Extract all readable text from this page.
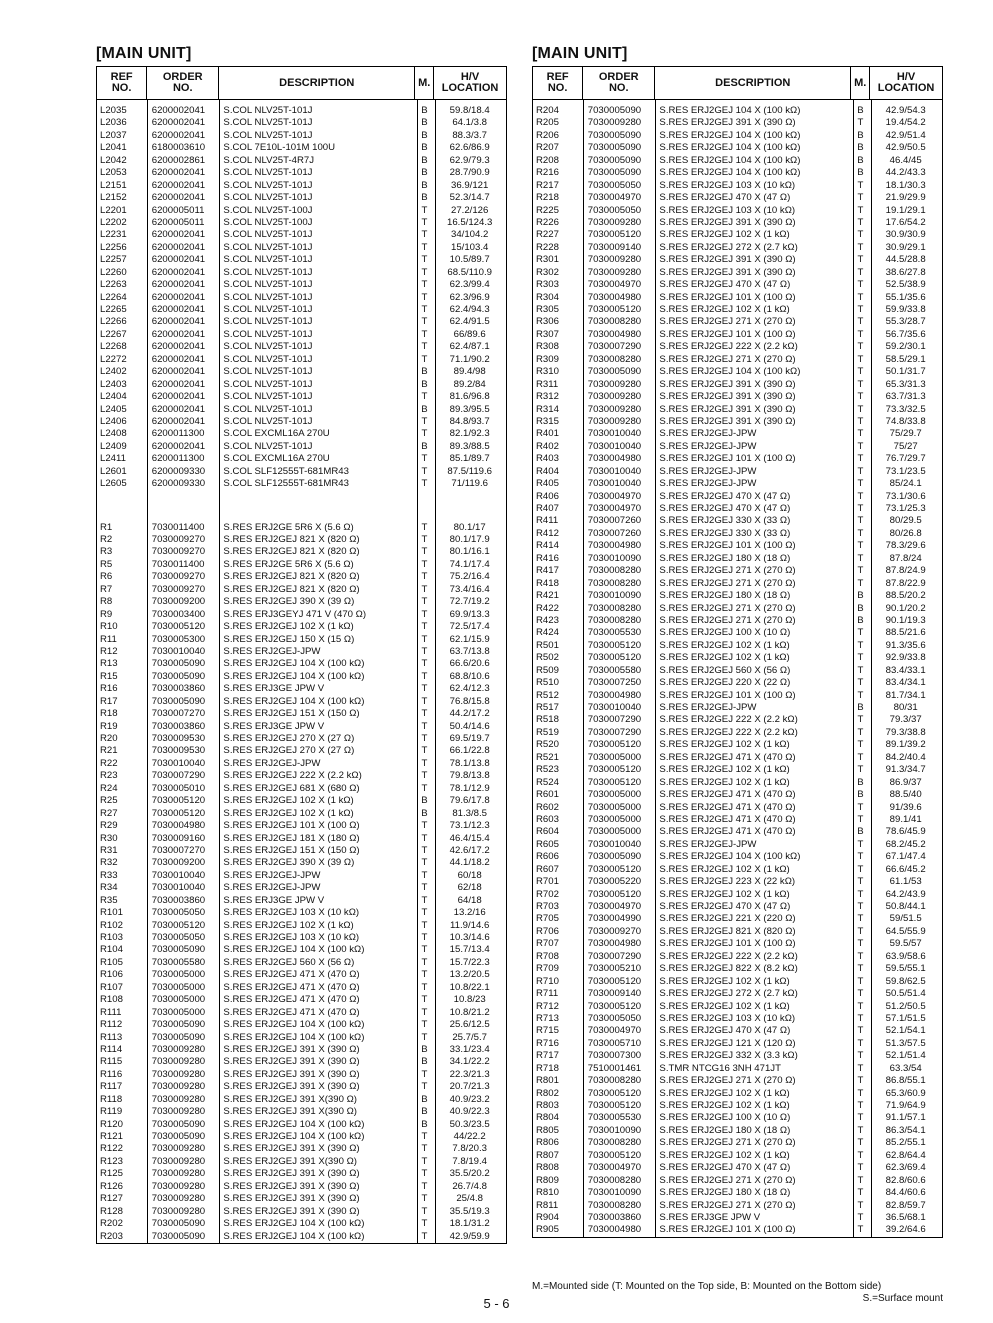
[MAIN UNIT]
REF
NO.
ORDER
NO.	DESCRIPTION	M.	H/V
LOCATION
L2035	6200002041	S.COL NLV25T-101J	B	59.8/18.4
L2036	6200002041	S.COL NLV25T-101J	B	64.1/3.8
L2037	6200002041	S.COL NLV25T-101J	B	88.3/3.7
L2041	6180003610	S.COL 7E10L-101M 100U	B	62.6/86.9
L2042	6200002861	S.COL NLV25T-4R7J	B	62.9/79.3
L2053	6200002041	S.COL NLV25T-101J	B	28.7/90.9
L2151	6200002041	S.COL NLV25T-101J	B	36.9/121
L2152	6200002041	S.COL NLV25T-101J	B	52.3/14.7
L2201	6200005011	S.COL NLV25T-100J	T	27.2/126
L2202	6200005011	S.COL NLV25T-100J	T	16.5/124.3
L2231	6200002041	S.COL NLV25T-101J	T	34/104.2
L2256	6200002041	S.COL NLV25T-101J	T	15/103.4
L2257	6200002041	S.COL NLV25T-101J	T	10.5/89.7
L2260	6200002041	S.COL NLV25T-101J	T	68.5/110.9
L2263	6200002041	S.COL NLV25T-101J	T	62.3/99.4
L2264	6200002041	S.COL NLV25T-101J	T	62.3/96.9
L2265	6200002041	S.COL NLV25T-101J	T	62.4/94.3
L2266	6200002041	S.COL NLV25T-101J	T	62.4/91.5
L2267	6200002041	S.COL NLV25T-101J	T	66/89.6
L2268	6200002041	S.COL NLV25T-101J	T	62.4/87.1
L2272	6200002041	S.COL NLV25T-101J	T	71.1/90.2
L2402	6200002041	S.COL NLV25T-101J	B	89.4/98
L2403	6200002041	S.COL NLV25T-101J	B	89.2/84
L2404	6200002041	S.COL NLV25T-101J	T	81.6/96.8
L2405	6200002041	S.COL NLV25T-101J	B	89.3/95.5
L2406	6200002041	S.COL NLV25T-101J	T	84.8/93.7
L2408	6200011300	S.COL EXCML16A 270U	T	82.1/92.3
L2409	6200002041	S.COL NLV25T-101J	B	89.3/88.5
L2411	6200011300	S.COL EXCML16A 270U	T	85.1/89.7
L2601	6200009330	S.COL SLF12555T-681MR43	T	87.5/119.6
L2605	6200009330	S.COL SLF12555T-681MR43	T	71/119.6
R1	7030011400	S.RES ERJ2GE 5R6 X (5.6 Ω)	T	80.1/17
R2	7030009270	S.RES ERJ2GEJ 821 X (820 Ω)	T	80.1/17.9
R3	7030009270	S.RES ERJ2GEJ 821 X (820 Ω)	T	80.1/16.1
R5	7030011400	S.RES ERJ2GE 5R6 X (5.6 Ω)	T	74.1/17.4
R6	7030009270	S.RES ERJ2GEJ 821 X (820 Ω)	T	75.2/16.4
R7	7030009270	S.RES ERJ2GEJ 821 X (820 Ω)	T	73.4/16.4
R8	7030009200	S.RES ERJ2GEJ 390 X (39 Ω)	T	72.7/19.2
R9	7030003400	S.RES ERJ3GEYJ 471 V (470 Ω)	T	69.9/13.3
R10	7030005120	S.RES ERJ2GEJ 102 X (1 kΩ)	T	72.5/17.4
R11	7030005300	S.RES ERJ2GEJ 150 X (15 Ω)	T	62.1/15.9
R12	7030010040	S.RES ERJ2GEJ-JPW	T	63.7/13.8
R13	7030005090	S.RES ERJ2GEJ 104 X (100 kΩ)	T	66.6/20.6
R15	7030005090	S.RES ERJ2GEJ 104 X (100 kΩ)	T	68.8/10.6
R16	7030003860	S.RES ERJ3GE JPW V	T	62.4/12.3
R17	7030005090	S.RES ERJ2GEJ 104 X (100 kΩ)	T	76.8/15.8
R18	7030007270	S.RES ERJ2GEJ 151 X (150 Ω)	T	44.2/17.2
R19	7030003860	S.RES ERJ3GE JPW V	T	50.4/14.6
R20	7030009530	S.RES ERJ2GEJ 270 X (27 Ω)	T	69.5/19.7
R21	7030009530	S.RES ERJ2GEJ 270 X (27 Ω)	T	66.1/22.8
R22	7030010040	S.RES ERJ2GEJ-JPW	T	78.1/13.8
R23	7030007290	S.RES ERJ2GEJ 222 X (2.2 kΩ)	T	79.8/13.8
R24	7030005010	S.RES ERJ2GEJ 681 X (680 Ω)	T	78.1/12.9
R25	7030005120	S.RES ERJ2GEJ 102 X (1 kΩ)	B	79.6/17.8
R27	7030005120	S.RES ERJ2GEJ 102 X (1 kΩ)	B	81.3/8.5
R29	7030004980	S.RES ERJ2GEJ 101 X (100 Ω)	T	73.1/12.3
R30	7030009160	S.RES ERJ2GEJ 181 X (180 Ω)	T	46.4/15.4
R31	7030007270	S.RES ERJ2GEJ 151 X (150 Ω)	T	42.6/17.2
R32	7030009200	S.RES ERJ2GEJ 390 X (39 Ω)	T	44.1/18.2
R33	7030010040	S.RES ERJ2GEJ-JPW	T	60/18
R34	7030010040	S.RES ERJ2GEJ-JPW	T	62/18
R35	7030003860	S.RES ERJ3GE JPW V	T	64/18
R101	7030005050	S.RES ERJ2GEJ 103 X (10 kΩ)	T	13.2/16
R102	7030005120	S.RES ERJ2GEJ 102 X (1 kΩ)	T	11.9/14.6
R103	7030005050	S.RES ERJ2GEJ 103 X (10 kΩ)	T	10.3/14.6
R104	7030005090	S.RES ERJ2GEJ 104 X (100 kΩ)	T	15.7/13.4
R105	7030005580	S.RES ERJ2GEJ 560 X (56 Ω)	T	15.7/22.3
R106	7030005000	S.RES ERJ2GEJ 471 X (470 Ω)	T	13.2/20.5
R107	7030005000	S.RES ERJ2GEJ 471 X (470 Ω)	T	10.8/22.1
R108	7030005000	S.RES ERJ2GEJ 471 X (470 Ω)	T	10.8/23
R111	7030005000	S.RES ERJ2GEJ 471 X (470 Ω)	T	10.8/21.2
R112	7030005090	S.RES ERJ2GEJ 104 X (100 kΩ)	T	25.6/12.5
R113	7030005090	S.RES ERJ2GEJ 104 X (100 kΩ)	T	25.7/5.7
R114	7030009280	S.RES ERJ2GEJ 391 X (390 Ω)	B	33.1/23.4
R115	7030009280	S.RES ERJ2GEJ 391 X (390 Ω)	B	34.1/22.2
R116	7030009280	S.RES ERJ2GEJ 391 X (390 Ω)	T	22.3/21.3
R117	7030009280	S.RES ERJ2GEJ 391 X (390 Ω)	T	20.7/21.3
R118	7030009280	S.RES ERJ2GEJ 391 X(390 Ω)	B	40.9/23.2
R119	7030009280	S.RES ERJ2GEJ 391 X(390 Ω)	B	40.9/22.3
R120	7030005090	S.RES ERJ2GEJ 104 X (100 kΩ)	B	50.3/23.5
R121	7030005090	S.RES ERJ2GEJ 104 X (100 kΩ)	T	44/22.2
R122	7030009280	S.RES ERJ2GEJ 391 X (390 Ω)	T	7.8/20.3
R123	7030009280	S.RES ERJ2GEJ 391 X(390 Ω)	T	7.8/19.4
R125	7030009280	S.RES ERJ2GEJ 391 X (390 Ω)	T	35.5/20.2
R126	7030009280	S.RES ERJ2GEJ 391 X (390 Ω)	T	26.7/4.8
R127	7030009280	S.RES ERJ2GEJ 391 X (390 Ω)	T	25/4.8
R128	7030009280	S.RES ERJ2GEJ 391 X (390 Ω)	T	35.5/19.3
R202	7030005090	S.RES ERJ2GEJ 104 X (100 kΩ)	T	18.1/31.2
R203	7030005090	S.RES ERJ2GEJ 104 X (100 kΩ)	T	42.9/59.9
[MAIN UNIT]
REF
NO.
ORDER
NO.	DESCRIPTION	M.	H/V
LOCATION
R204	7030005090	S.RES ERJ2GEJ 104 X (100 kΩ)	B	42.9/54.3
R205	7030009280	S.RES ERJ2GEJ 391 X (390 Ω)	T	19.4/54.2
R206	7030005090	S.RES ERJ2GEJ 104 X (100 kΩ)	B	42.9/51.4
R207	7030005090	S.RES ERJ2GEJ 104 X (100 kΩ)	B	42.9/50.5
R208	7030005090	S.RES ERJ2GEJ 104 X (100 kΩ)	B	46.4/45
R216	7030005090	S.RES ERJ2GEJ 104 X (100 kΩ)	B	44.2/43.3
R217	7030005050	S.RES ERJ2GEJ 103 X (10 kΩ)	T	18.1/30.3
R218	7030004970	S.RES ERJ2GEJ 470 X (47 Ω)	T	21.9/29.9
R225	7030005050	S.RES ERJ2GEJ 103 X (10 kΩ)	T	19.1/29.1
R226	7030009280	S.RES ERJ2GEJ 391 X (390 Ω)	T	17.6/54.2
R227	7030005120	S.RES ERJ2GEJ 102 X (1 kΩ)	T	30.9/30.9
R228	7030009140	S.RES ERJ2GEJ 272 X (2.7 kΩ)	T	30.9/29.1
R301	7030009280	S.RES ERJ2GEJ 391 X (390 Ω)	T	44.5/28.8
R302	7030009280	S.RES ERJ2GEJ 391 X (390 Ω)	T	38.6/27.8
R303	7030004970	S.RES ERJ2GEJ 470 X (47 Ω)	T	52.5/38.9
R304	7030004980	S.RES ERJ2GEJ 101 X (100 Ω)	T	55.1/35.6
R305	7030005120	S.RES ERJ2GEJ 102 X (1 kΩ)	T	59.9/33.8
R306	7030008280	S.RES ERJ2GEJ 271 X (270 Ω)	T	55.3/28.7
R307	7030004980	S.RES ERJ2GEJ 101 X (100 Ω)	T	56.7/35.6
R308	7030007290	S.RES ERJ2GEJ 222 X (2.2 kΩ)	T	59.2/30.1
R309	7030008280	S.RES ERJ2GEJ 271 X (270 Ω)	T	58.5/29.1
R310	7030005090	S.RES ERJ2GEJ 104 X (100 kΩ)	T	50.1/31.7
R311	7030009280	S.RES ERJ2GEJ 391 X (390 Ω)	T	65.3/31.3
R312	7030009280	S.RES ERJ2GEJ 391 X (390 Ω)	T	63.7/31.3
R314	7030009280	S.RES ERJ2GEJ 391 X (390 Ω)	T	73.3/32.5
R315	7030009280	S.RES ERJ2GEJ 391 X (390 Ω)	T	74.8/33.8
R401	7030010040	S.RES ERJ2GEJ-JPW	T	75/29.7
R402	7030010040	S.RES ERJ2GEJ-JPW	T	75/27
R403	7030004980	S.RES ERJ2GEJ 101 X (100 Ω)	T	76.7/29.7
R404	7030010040	S.RES ERJ2GEJ-JPW	T	73.1/23.5
R405	7030010040	S.RES ERJ2GEJ-JPW	T	85/24.1
R406	7030004970	S.RES ERJ2GEJ 470 X (47 Ω)	T	73.1/30.6
R407	7030004970	S.RES ERJ2GEJ 470 X (47 Ω)	T	73.1/25.3
R411	7030007260	S.RES ERJ2GEJ 330 X (33 Ω)	T	80/29.5
R412	7030007260	S.RES ERJ2GEJ 330 X (33 Ω)	T	80/26.8
R414	7030004980	S.RES ERJ2GEJ 101 X (100 Ω)	T	78.3/29.6
R416	7030010090	S.RES ERJ2GEJ 180 X (18 Ω)	T	87.8/24
R417	7030008280	S.RES ERJ2GEJ 271 X (270 Ω)	T	87.8/24.9
R418	7030008280	S.RES ERJ2GEJ 271 X (270 Ω)	T	87.8/22.9
R421	7030010090	S.RES ERJ2GEJ 180 X (18 Ω)	B	88.5/20.2
R422	7030008280	S.RES ERJ2GEJ 271 X (270 Ω)	B	90.1/20.2
R423	7030008280	S.RES ERJ2GEJ 271 X (270 Ω)	B	90.1/19.3
R424	7030005530	S.RES ERJ2GEJ 100 X (10 Ω)	T	88.5/21.6
R501	7030005120	S.RES ERJ2GEJ 102 X (1 kΩ)	T	91.3/35.6
R502	7030005120	S.RES ERJ2GEJ 102 X (1 kΩ)	T	92.9/33.8
R509	7030005580	S.RES ERJ2GEJ 560 X (56 Ω)	T	83.4/33.1
R510	7030007250	S.RES ERJ2GEJ 220 X (22 Ω)	T	83.4/34.1
R512	7030004980	S.RES ERJ2GEJ 101 X (100 Ω)	T	81.7/34.1
R517	7030010040	S.RES ERJ2GEJ-JPW	B	80/31
R518	7030007290	S.RES ERJ2GEJ 222 X (2.2 kΩ)	T	79.3/37
R519	7030007290	S.RES ERJ2GEJ 222 X (2.2 kΩ)	T	79.3/38.8
R520	7030005120	S.RES ERJ2GEJ 102 X (1 kΩ)	T	89.1/39.2
R521	7030005000	S.RES ERJ2GEJ 471 X (470 Ω)	T	84.2/40.4
R523	7030005120	S.RES ERJ2GEJ 102 X (1 kΩ)	T	91.3/34.7
R524	7030005120	S.RES ERJ2GEJ 102 X (1 kΩ)	B	86.9/37
R601	7030005000	S.RES ERJ2GEJ 471 X (470 Ω)	B	88.5/40
R602	7030005000	S.RES ERJ2GEJ 471 X (470 Ω)	T	91/39.6
R603	7030005000	S.RES ERJ2GEJ 471 X (470 Ω)	T	89.1/41
R604	7030005000	S.RES ERJ2GEJ 471 X (470 Ω)	B	78.6/45.9
R605	7030010040	S.RES ERJ2GEJ-JPW	T	68.2/45.2
R606	7030005090	S.RES ERJ2GEJ 104 X (100 kΩ)	T	67.1/47.4
R607	7030005120	S.RES ERJ2GEJ 102 X (1 kΩ)	T	66.6/45.2
R701	7030005220	S.RES ERJ2GEJ 223 X (22 kΩ)	T	61.1/53
R702	7030005120	S.RES ERJ2GEJ 102 X (1 kΩ)	T	64.2/43.9
R703	7030004970	S.RES ERJ2GEJ 470 X (47 Ω)	T	50.8/44.1
R705	7030004990	S.RES ERJ2GEJ 221 X (220 Ω)	T	59/51.5
R706	7030009270	S.RES ERJ2GEJ 821 X (820 Ω)	T	64.5/55.9
R707	7030004980	S.RES ERJ2GEJ 101 X (100 Ω)	T	59.5/57
R708	7030007290	S.RES ERJ2GEJ 222 X (2.2 kΩ)	T	63.9/58.6
R709	7030005210	S.RES ERJ2GEJ 822 X (8.2 kΩ)	T	59.5/55.1
R710	7030005120	S.RES ERJ2GEJ 102 X (1 kΩ)	T	59.8/62.5
R711	7030009140	S.RES ERJ2GEJ 272 X (2.7 kΩ)	T	50.5/51.4
R712	7030005120	S.RES ERJ2GEJ 102 X (1 kΩ)	T	51.2/50.5
R713	7030005050	S.RES ERJ2GEJ 103 X (10 kΩ)	T	57.1/51.5
R715	7030004970	S.RES ERJ2GEJ 470 X (47 Ω)	T	52.1/54.1
R716	7030005710	S.RES ERJ2GEJ 121 X (120 Ω)	T	51.3/57.5
R717	7030007300	S.RES ERJ2GEJ 332 X (3.3 kΩ)	T	52.1/51.4
R718	7510001461	S.TMR NTCG16 3NH 471JT	T	63.3/54
R801	7030008280	S.RES ERJ2GEJ 271 X (270 Ω)	T	86.8/55.1
R802	7030005120	S.RES ERJ2GEJ 102 X (1 kΩ)	T	65.3/60.9
R803	7030005120	S.RES ERJ2GEJ 102 X (1 kΩ)	T	71.9/64.9
R804	7030005530	S.RES ERJ2GEJ 100 X (10 Ω)	T	91.1/57.1
R805	7030010090	S.RES ERJ2GEJ 180 X (18 Ω)	T	86.3/54.1
R806	7030008280	S.RES ERJ2GEJ 271 X (270 Ω)	T	85.2/55.1
R807	7030005120	S.RES ERJ2GEJ 102 X (1 kΩ)	T	62.8/64.4
R808	7030004970	S.RES ERJ2GEJ 470 X (47 Ω)	T	62.3/69.4
R809	7030008280	S.RES ERJ2GEJ 271 X (270 Ω)	T	82.8/60.6
R810	7030010090	S.RES ERJ2GEJ 180 X (18 Ω)	T	84.4/60.6
R811	7030008280	S.RES ERJ2GEJ 271 X (270 Ω)	T	82.8/59.7
R904	7030003860	S.RES ERJ3GE JPW V	T	36.5/68.1
R905	7030004980	S.RES ERJ2GEJ 101 X (100 Ω)	T	39.2/64.6
M.=Mounted side (T: Mounted on the Top side, B: Mounted on the Bottom side)
S.=Surface mount
5 - 6
